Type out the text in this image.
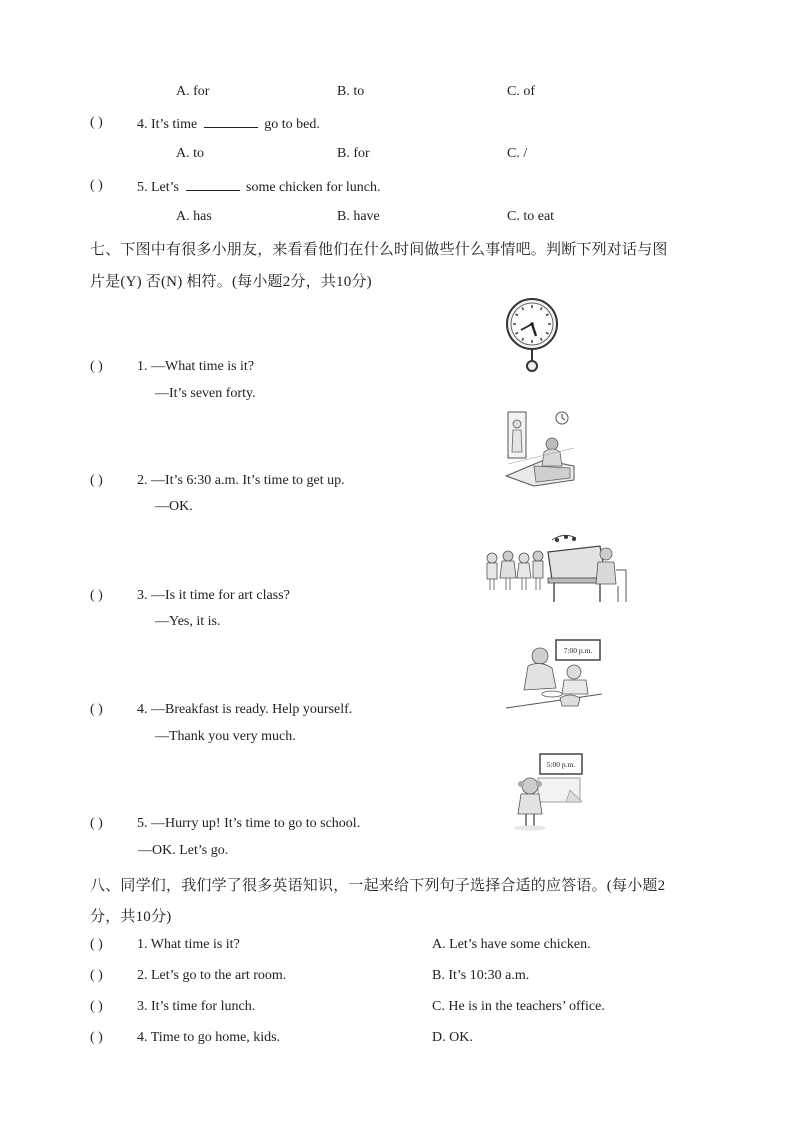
A. for	B. to	C. of
( ) 4. It’s time	go to bed.
A. to	B. for	C. /
( ) 5. Let’s	some chicken for lunch.
A. has	B. have	C. to eat
七、下图中有很多小朋友，来看看他们在什么时间做些什么事情吧。判断下列对话与图
片是(Y) 否(N) 相符。(每小题2分，共10分)
( ) 1. —What time is it?
—It’s seven forty.
( ) 2. —It’s 6:30 a.m. It’s time to get up.
—OK.
( ) 3. —Is it time for art class?
—Yes, it is.
( ) 4. —Breakfast is ready. Help yourself.
—Thank you very much.
( ) 5. —Hurry up! It’s time to go to school.
—OK. Let’s go.
7:00 p.m.
5:00 p.m.
八、同学们，我们学了很多英语知识，一起来给下列句子选择合适的应答语。(每小题2
分，共10分)
( ) 1. What time is it?	A. Let’s have some chicken.
( ) 2. Let’s go to the art room.	B. It’s 10:30 a.m.
( ) 3. It’s time for lunch.	C. He is in the teachers’ office.
( ) 4. Time to go home, kids.	D. OK.
